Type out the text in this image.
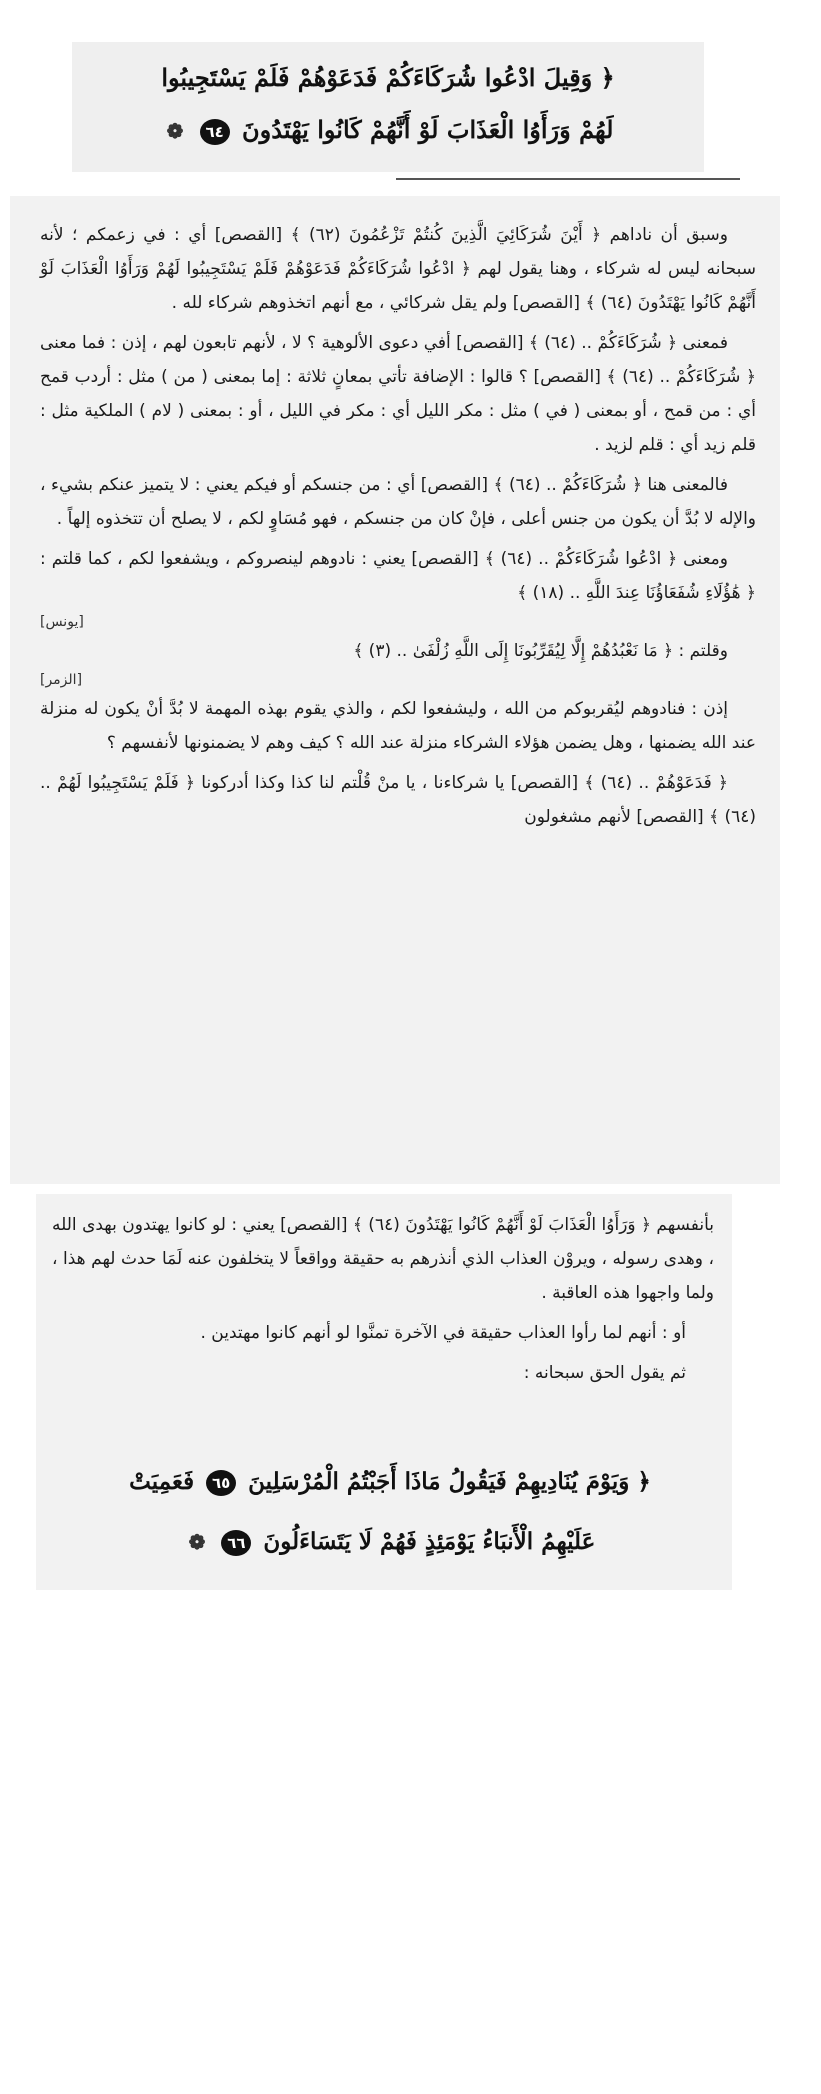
﴿ وَقِيلَ ادْعُوا شُرَكَاءَكُمْ فَدَعَوْهُمْ فَلَمْ يَسْتَجِيبُوا
لَهُمْ وَرَأَوُا الْعَذَابَ لَوْ أَنَّهُمْ كَانُوا يَهْتَدُونَ ٦٤ ❁

وسبق أن ناداهم ﴿ أَيْنَ شُرَكَائِيَ الَّذِينَ كُنتُمْ تَزْعُمُونَ (٦٢) ﴾ [القصص] أي : في زعمكم ؛ لأنه سبحانه ليس له شركاء ، وهنا يقول لهم ﴿ ادْعُوا شُرَكَاءَكُمْ فَدَعَوْهُمْ فَلَمْ يَسْتَجِيبُوا لَهُمْ وَرَأَوُا الْعَذَابَ لَوْ أَنَّهُمْ كَانُوا يَهْتَدُونَ (٦٤) ﴾ [القصص] ولم يقل شركائي ، مع أنهم اتخذوهم شركاء لله .

فمعنى ﴿ شُرَكَاءَكُمْ .. (٦٤) ﴾ [القصص] أفي دعوى الألوهية ؟ لا ، لأنهم تابعون لهم ، إذن : فما معنى ﴿ شُرَكَاءَكُمْ .. (٦٤) ﴾ [القصص] ؟ قالوا : الإضافة تأتي بمعانٍ ثلاثة : إما بمعنى ( من ) مثل : أردب قمح أي : من قمح ، أو بمعنى ( في ) مثل : مكر الليل أي : مكر في الليل ، أو : بمعنى ( لام ) الملكية مثل : قلم زيد أي : قلم لزيد .

فالمعنى هنا ﴿ شُرَكَاءَكُمْ .. (٦٤) ﴾ [القصص] أي : من جنسكم أو فيكم يعني : لا يتميز عنكم بشيء ، والإله لا بُدَّ أن يكون من جنس أعلى ، فإنْ كان من جنسكم ، فهو مُسَاوٍ لكم ، لا يصلح أن تتخذوه إلهاً .

ومعنى ﴿ ادْعُوا شُرَكَاءَكُمْ .. (٦٤) ﴾ [القصص] يعني : نادوهم لينصروكم ، ويشفعوا لكم ، كما قلتم : ﴿ هَٰؤُلَاءِ شُفَعَاؤُنَا عِندَ اللَّهِ .. (١٨) ﴾

[يونس]

وقلتم : ﴿ مَا نَعْبُدُهُمْ إِلَّا لِيُقَرِّبُونَا إِلَى اللَّهِ زُلْفَىٰ .. (٣) ﴾

[الزمر]

إذن : فنادوهم ليُقربوكم من الله ، وليشفعوا لكم ، والذي يقوم بهذه المهمة لا بُدَّ أنْ يكون له منزلة عند الله يضمنها ، وهل يضمن هؤلاء الشركاء منزلة عند الله ؟ كيف وهم لا يضمنونها لأنفسهم ؟

﴿ فَدَعَوْهُمْ .. (٦٤) ﴾ [القصص] يا شركاءنا ، يا منْ قُلْتم لنا كذا وكذا أدركونا ﴿ فَلَمْ يَسْتَجِيبُوا لَهُمْ .. (٦٤) ﴾ [القصص] لأنهم مشغولون

بأنفسهم ﴿ وَرَأَوُا الْعَذَابَ لَوْ أَنَّهُمْ كَانُوا يَهْتَدُونَ (٦٤) ﴾ [القصص] يعني : لو كانوا يهتدون بهدى الله ، وهدى رسوله ، ويروْن العذاب الذي أنذرهم به حقيقة وواقعاً لا يتخلفون عنه لَمَا حدث لهم هذا ، ولما واجهوا هذه العاقبة .

أو : أنهم لما رأوا العذاب حقيقة في الآخرة تمنَّوا لو أنهم كانوا مهتدين .

ثم يقول الحق سبحانه :

﴿ وَيَوْمَ يُنَادِيهِمْ فَيَقُولُ مَاذَا أَجَبْتُمُ الْمُرْسَلِينَ ٦٥ فَعَمِيَتْ
عَلَيْهِمُ الْأَنبَاءُ يَوْمَئِذٍ فَهُمْ لَا يَتَسَاءَلُونَ ٦٦ ❁
